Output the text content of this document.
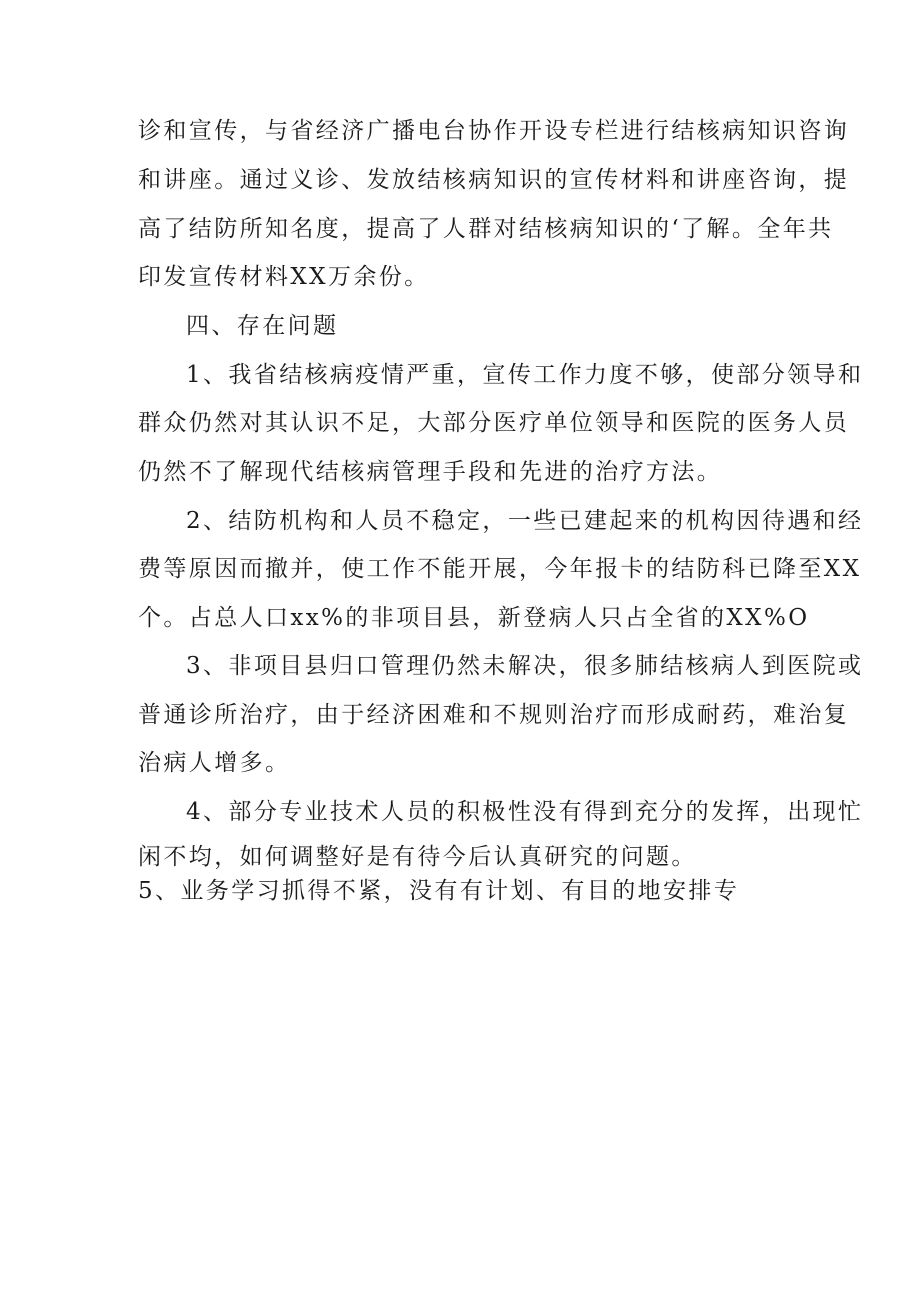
诊和宣传，与省经济广播电台协作开设专栏进行结核病知识咨询
和讲座。通过义诊、发放结核病知识的宣传材料和讲座咨询，提
高了结防所知名度，提高了人群对结核病知识的‘了解。全年共
印发宣传材料XX万余份。
四、存在问题
1、我省结核病疫情严重，宣传工作力度不够，使部分领导和
群众仍然对其认识不足，大部分医疗单位领导和医院的医务人员
仍然不了解现代结核病管理手段和先进的治疗方法。
2、结防机构和人员不稳定，一些已建起来的机构因待遇和经
费等原因而撤并，使工作不能开展，今年报卡的结防科已降至XX
个。占总人口xx%的非项目县，新登病人只占全省的XX%O
3、非项目县归口管理仍然未解决，很多肺结核病人到医院或
普通诊所治疗，由于经济困难和不规则治疗而形成耐药，难治复
治病人增多。
4、部分专业技术人员的积极性没有得到充分的发挥，出现忙
闲不均，如何调整好是有待今后认真研究的问题。
5、业务学习抓得不紧，没有有计划、有目的地安排专
